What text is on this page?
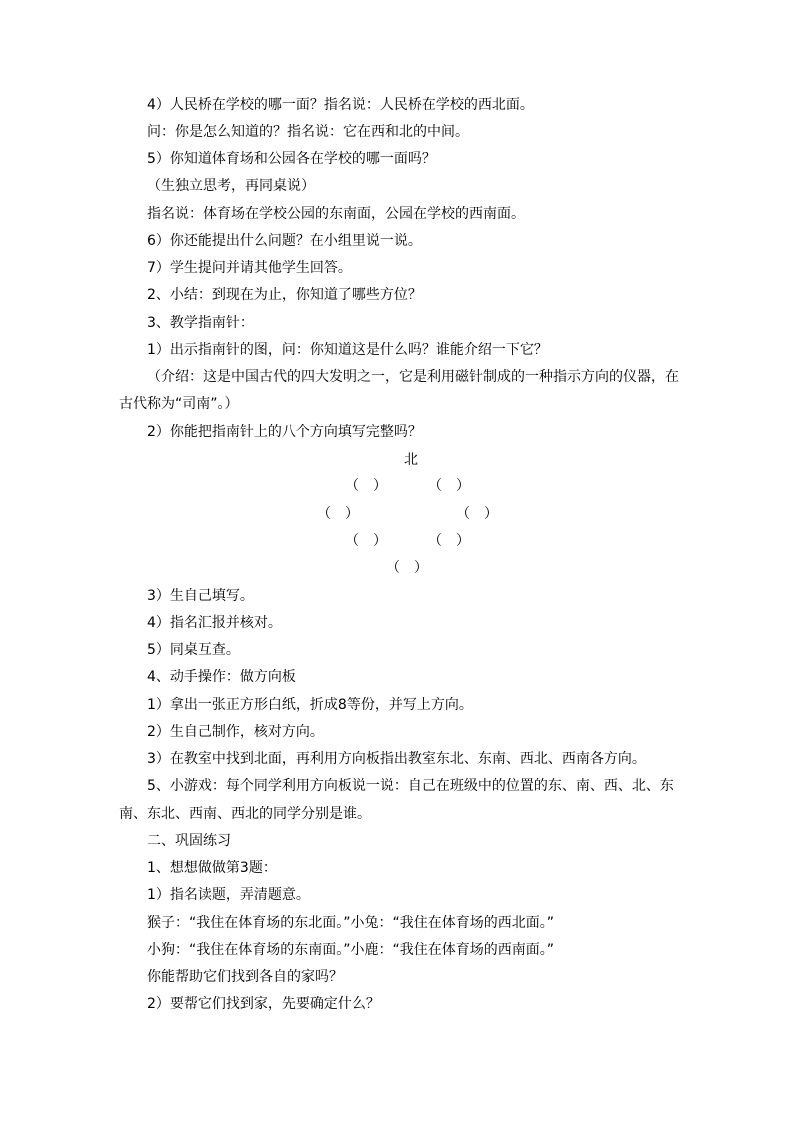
4）人民桥在学校的哪一面？指名说：人民桥在学校的西北面。
问：你是怎么知道的？指名说：它在西和北的中间。
5）你知道体育场和公园各在学校的哪一面吗？
（生独立思考，再同桌说）
指名说：体育场在学校公园的东南面，公园在学校的西南面。
6）你还能提出什么问题？在小组里说一说。
7）学生提问并请其他学生回答。
2、小结：到现在为止，你知道了哪些方位？
3、教学指南针：
1）出示指南针的图，问：你知道这是什么吗？谁能介绍一下它？
（介绍：这是中国古代的四大发明之一，它是利用磁针制成的一种指示方向的仪器，在
古代称为“司南”。）
2）你能把指南针上的八个方向填写完整吗？
北
（　）	（　）
（　）	（　）
（　）	（　）
（　）
3）生自己填写。
4）指名汇报并核对。
5）同桌互查。
4、动手操作：做方向板
1）拿出一张正方形白纸，折成8等份，并写上方向。
2）生自己制作，核对方向。
3）在教室中找到北面，再利用方向板指出教室东北、东南、西北、西南各方向。
5、小游戏：每个同学利用方向板说一说：自己在班级中的位置的东、南、西、北、东
南、东北、西南、西北的同学分别是谁。
二、巩固练习
1、想想做做第3题：
1）指名读题，弄清题意。
猴子：“我住在体育场的东北面。”小兔：“我住在体育场的西北面。”
小狗：“我住在体育场的东南面。”小鹿：“我住在体育场的西南面。”
你能帮助它们找到各自的家吗？
2）要帮它们找到家，先要确定什么？
